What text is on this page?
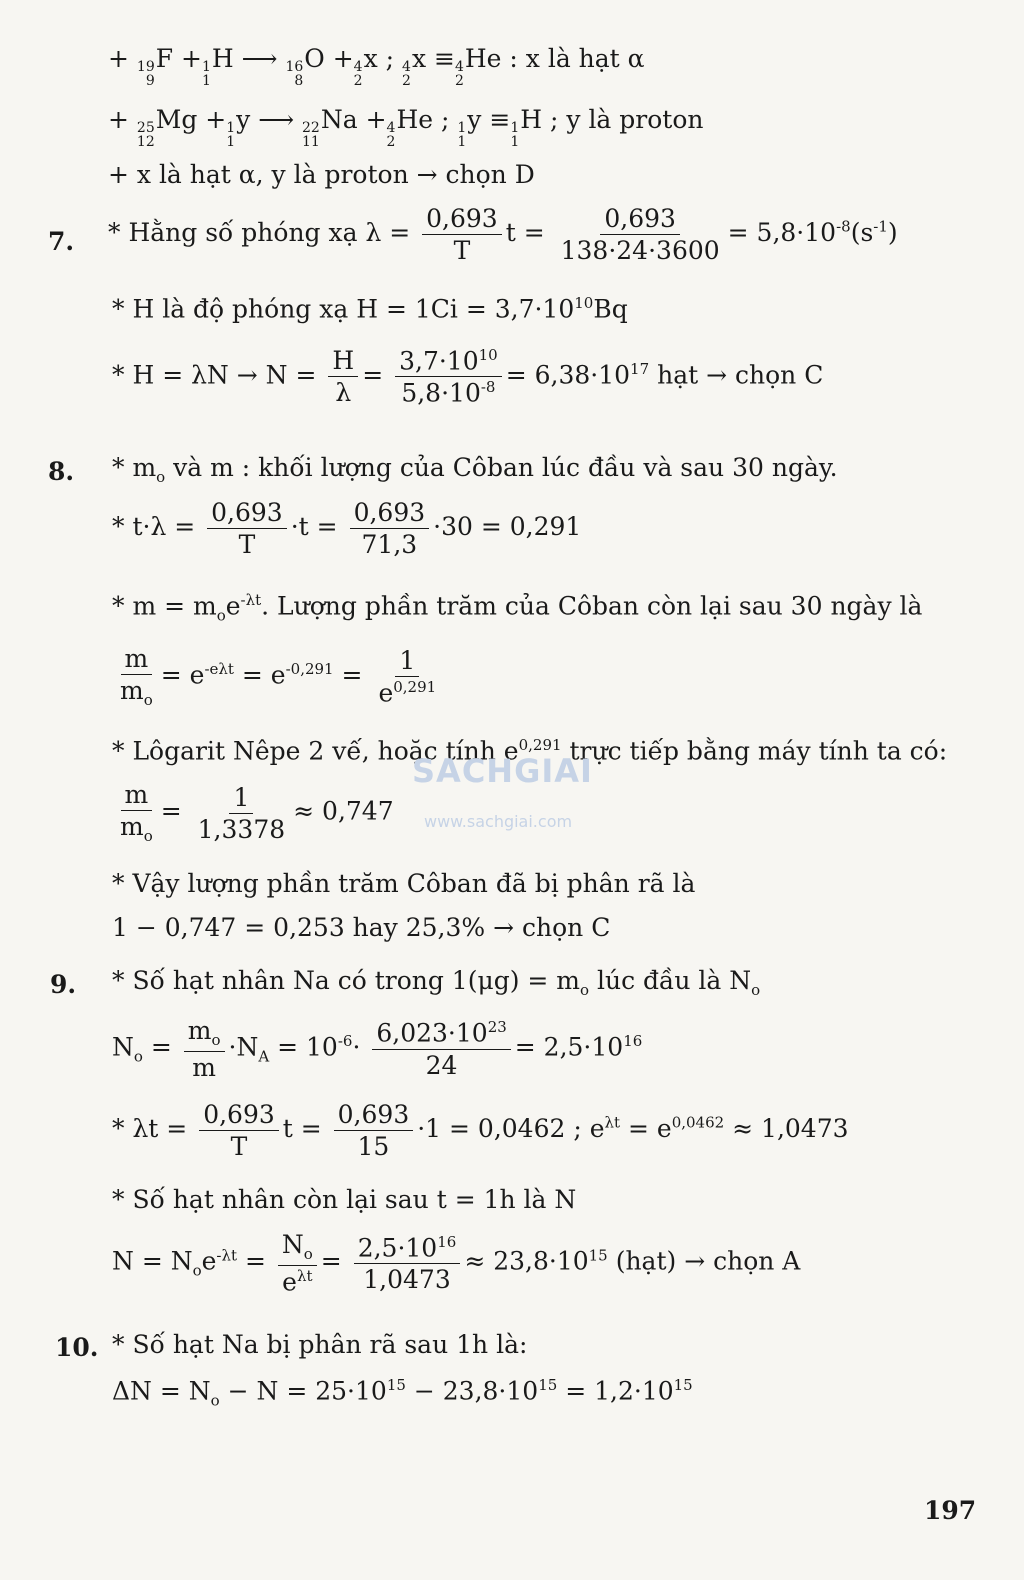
+ 19
9
F + 1
1
H ⟶ 16
8
O + 4
2
x ; 4
2
x ≡ 4
2
He : x là hạt α
+ 25
12
Mg + 1
1
y ⟶ 22
11
Na + 4
2
He ; 1
1
y ≡ 1
1
H ; y là proton
+ x là hạt α, y là proton → chọn D
7. * Hằng số phóng xạ $\lambda = \frac{0,693}{T}$ $t = \frac{0,693}{138\cdot 24\cdot 3600} = 5,8\cdot 10^{-8}(s^{-1})$
* H là độ phóng xạ $H = 1Ci = 3,7\cdot 10^{10}Bq$
* $H = \lambda N \to N = \frac{H}{\lambda} = \frac{3,7\cdot 10^{10}}{5,8\cdot 10^{-8}} = 6,38\cdot 10^{17}$ hạt → chọn C
8. * $m_o$ và m : khối lượng của Côban lúc đầu và sau 30 ngày.
* $t\cdot\lambda = \frac{0,693}{T} \cdot t = \frac{0,693}{71,3} \cdot 30 = 0,291$
* $m = m_oe^{-\lambda t}$. Lượng phần trăm của Côban còn lại sau 30 ngày là
$\frac{m}{m_o} = e^{-e\lambda t} = e^{-0,291} = \frac{1}{e^{0,291}}$
* Lôgarit Nêpe 2 vế, hoặc tính $e^{0,291}$ trực tiếp bằng máy tính ta có:
$\frac{m}{m_o} = \frac{1}{1,3378} \approx 0,747$
* Vậy lượng phần trăm Côban đã bị phân rã là
1 − 0,747 = 0,253 hay 25,3% → chọn C
9. * Số hạt nhân Na có trong $1(\mu g) = m_o$ lúc đầu là $N_o$
$N_o = \frac{m_o}{m} \cdot N_A = 10^{-6}\cdot \frac{6,023\cdot 10^{23}}{24} = 2,5\cdot 10^{16}$
* $\lambda t = \frac{0,693}{T}$ $t = \frac{0,693}{15} \cdot 1 = 0,0462$ ; $e^{\lambda t} = e^{0,0462} \approx 1,0473$
* Số hạt nhân còn lại sau t = 1h là N
$N = N_oe^{-\lambda t} = \frac{N_o}{e^{\lambda t}} = \frac{2,5\cdot 10^{16}}{1,0473} \approx 23,8\cdot 10^{15}$ (hạt) → chọn A
10. * Số hạt Na bị phân rã sau 1h là:
$\Delta N = N_o - N = 25\cdot 10^{15} - 23,8\cdot 10^{15} = 1,2\cdot 10^{15}$
SACHGIAI
www.sachgiai.com
197
